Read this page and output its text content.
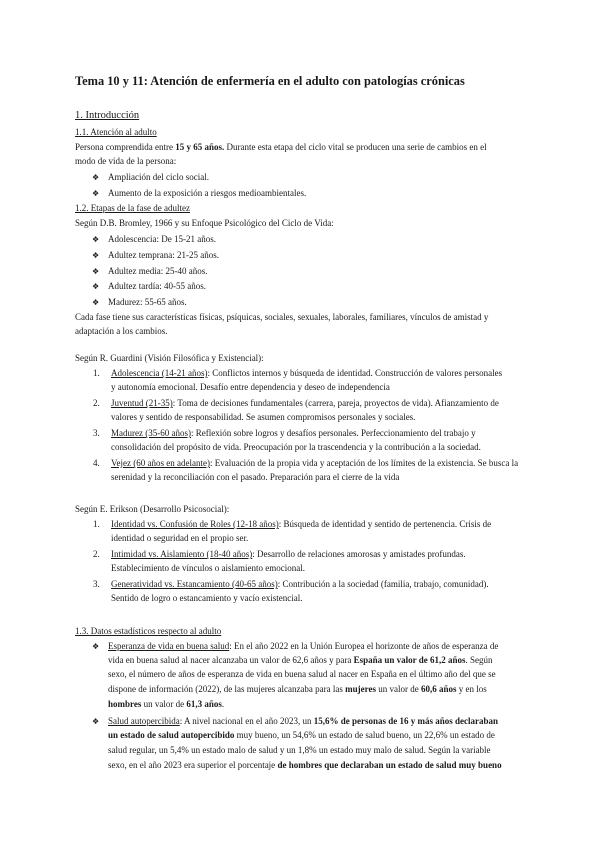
Tema 10 y 11: Atención de enfermería en el adulto con patologías crónicas
1. Introducción
1.1. Atención al adulto
Persona comprendida entre 15 y 65 años. Durante esta etapa del ciclo vital se producen una serie de cambios en el
modo de vida de la persona:
❖ Ampliación del ciclo social.
❖ Aumento de la exposición a riesgos medioambientales.
1.2. Etapas de la fase de adultez
Según D.B. Bromley, 1966 y su Enfoque Psicológico del Ciclo de Vida:
❖ Adolescencia: De 15-21 años.
❖ Adultez temprana: 21-25 años.
❖ Adultez media: 25-40 años.
❖ Adultez tardía: 40-55 años.
❖ Madurez: 55-65 años.
Cada fase tiene sus características físicas, psíquicas, sociales, sexuales, laborales, familiares, vínculos de amistad y
adaptación a los cambios.
Según R. Guardini (Visión Filosófica y Existencial):
1. Adolescencia (14-21 años): Conflictos internos y búsqueda de identidad. Construcción de valores personales
y autonomía emocional. Desafío entre dependencia y deseo de independencia
2. Juventud (21-35): Toma de decisiones fundamentales (carrera, pareja, proyectos de vida). Afianzamiento de
valores y sentido de responsabilidad. Se asumen compromisos personales y sociales.
3. Madurez (35-60 años): Reflexión sobre logros y desafíos personales. Perfeccionamiento del trabajo y
consolidación del propósito de vida. Preocupación por la trascendencia y la contribución a la sociedad.
4. Vejez (60 años en adelante): Evaluación de la propia vida y aceptación de los límites de la existencia. Se busca la
serenidad y la reconciliación con el pasado. Preparación para el cierre de la vida
Según E. Erikson (Desarrollo Psicosocial):
1. Identidad vs. Confusión de Roles (12-18 años): Búsqueda de identidad y sentido de pertenencia. Crisis de
identidad o seguridad en el propio ser.
2. Intimidad vs. Aislamiento (18-40 años): Desarrollo de relaciones amorosas y amistades profundas.
Establecimiento de vínculos o aislamiento emocional.
3. Generatividad vs. Estancamiento (40-65 años): Contribución a la sociedad (familia, trabajo, comunidad).
Sentido de logro o estancamiento y vacío existencial.
1.3. Datos estadísticos respecto al adulto
❖ Esperanza de vida en buena salud: En el año 2022 en la Unión Europea el horizonte de años de esperanza de
vida en buena salud al nacer alcanzaba un valor de 62,6 años y para España un valor de 61,2 años. Según
sexo, el número de años de esperanza de vida en buena salud al nacer en España en el último año del que se
dispone de información (2022), de las mujeres alcanzaba para las mujeres un valor de 60,6 años y en los
hombres un valor de 61,3 años.
❖ Salud autopercibida: A nivel nacional en el año 2023, un 15,6% de personas de 16 y más años declaraban
un estado de salud autopercibido muy bueno, un 54,6% un estado de salud bueno, un 22,6% un estado de
salud regular, un 5,4% un estado malo de salud y un 1,8% un estado muy malo de salud. Según la variable
sexo, en el año 2023 era superior el porcentaje de hombres que declaraban un estado de salud muy bueno
